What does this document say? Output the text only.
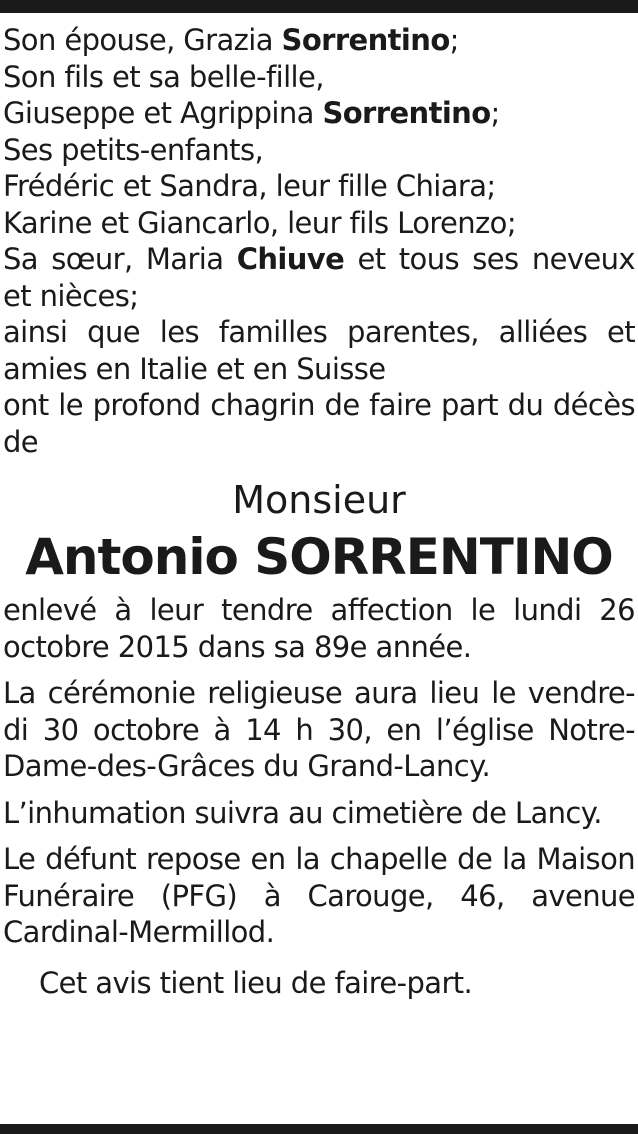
Son épouse, Grazia Sorrentino;

Son fils et sa belle-fille,

Giuseppe et Agrippina Sorrentino;

Ses petits-enfants,

Frédéric et Sandra, leur fille Chiara;

Karine et Giancarlo, leur fils Lorenzo;

Sa sœur, Maria Chiuve et tous ses neveux et nièces;

ainsi que les familles parentes, alliées et amies en Italie et en Suisse

ont le profond chagrin de faire part du décès de

Monsieur
Antonio SORRENTINO

enlevé à leur tendre affection le lundi 26 octobre 2015 dans sa 89e année.

La cérémonie religieuse aura lieu le vendre-di 30 octobre à 14 h 30, en l’église Notre-Dame-des-Grâces du Grand-Lancy.

L’inhumation suivra au cimetière de Lancy.

Le défunt repose en la chapelle de la Maison Funéraire (PFG) à Carouge, 46, avenue Cardinal-Mermillod.

Cet avis tient lieu de faire-part.
